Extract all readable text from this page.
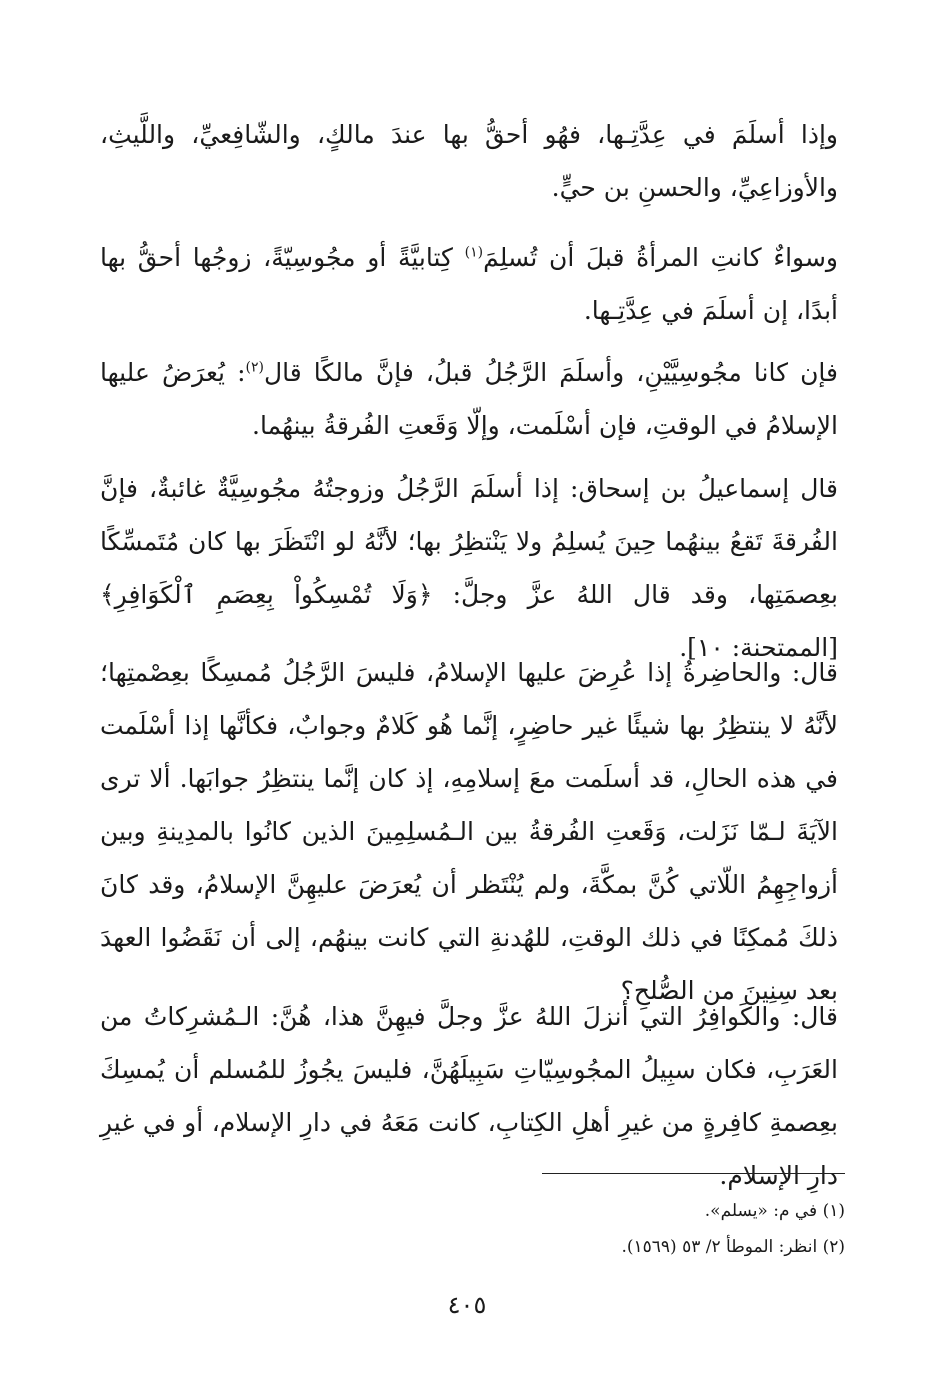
وإذا أسلَمَ في عِدَّتِـها، فهُو أحقُّ بها عندَ مالكٍ، والشّافِعيِّ، واللَّيثِ، والأوزاعِيِّ، والحسنِ بن حيٍّ.

وسواءٌ كانتِ المرأةُ قبلَ أن تُسلِمَ$^{(١)}$ كِتابيَّةً أو مجُوسِيّةً، زوجُها أحقُّ بها أبدًا، إن أسلَمَ في عِدَّتِـها.

فإن كانا مجُوسِيَّيْنِ، وأسلَمَ الرَّجُلُ قبلُ، فإنَّ مالكًا قال$^{(٢)}$: يُعرَضُ عليها الإسلامُ في الوقتِ، فإن أسْلَمت، وإلّا وَقَعتِ الفُرقةُ بينهُما.

قال إسماعيلُ بن إسحاق: إذا أسلَمَ الرَّجُلُ وزوجتُهُ مجُوسِيَّةٌ غائبةٌ، فإنَّ الفُرقةَ تَقعُ بينهُما حِينَ يُسلِمُ ولا يَنْتظِرُ بها؛ لأنَّهُ لو انْتَظَرَ بها كان مُتَمسِّكًا بعِصمَتِها، وقد قال اللهُ عزَّ وجلَّ: ﴿وَلَا تُمْسِكُواْ بِعِصَمِ ٱلْكَوَافِرِ﴾ [الممتحنة: ١٠].

قال: والحاضِرةُ إذا عُرِضَ عليها الإسلامُ، فليسَ الرَّجُلُ مُمسِكًا بعِصْمتِها؛ لأنَّهُ لا ينتظِرُ بها شيئًا غير حاضِرٍ، إنَّما هُو كَلامٌ وجوابٌ، فكأنَّها إذا أسْلَمت في هذه الحالِ، قد أسلَمت معَ إسلامِهِ، إذ كان إنَّما ينتظِرُ جوابَها. ألا ترى الآيَةَ لـمّا نَزَلت، وَقَعتِ الفُرقةُ بين الـمُسلِمِينَ الذين كانُوا بالمدِينةِ وبين أزواجِهِمُ اللّاتي كُنَّ بمكَّةَ، ولم يُنْتَظر أن يُعرَضَ عليهِنَّ الإسلامُ، وقد كانَ ذلكَ مُمكِنًا في ذلك الوقتِ، للهُدنةِ التي كانت بينهُم، إلى أن نَقَضُوا العهدَ بعد سِنِينَ من الصُّلحِ؟

قال: والكَوافِرُ التي أنزلَ اللهُ عزَّ وجلَّ فيهِنَّ هذا، هُنَّ: الـمُشرِكاتُ من العَرَبِ، فكان سبِيلُ المجُوسِيّاتِ سَبِيلَهُنَّ، فليسَ يجُوزُ للمُسلم أن يُمسِكَ بعِصمةِ كافِرةٍ من غيرِ أهلِ الكِتابِ، كانت مَعَهُ في دارِ الإسلام، أو في غيرِ دارِ الإسلام.

(١) في م: «يسلم».

(٢) انظر: الموطأ ٢/ ٥٣ (١٥٦٩).

٤٠٥
